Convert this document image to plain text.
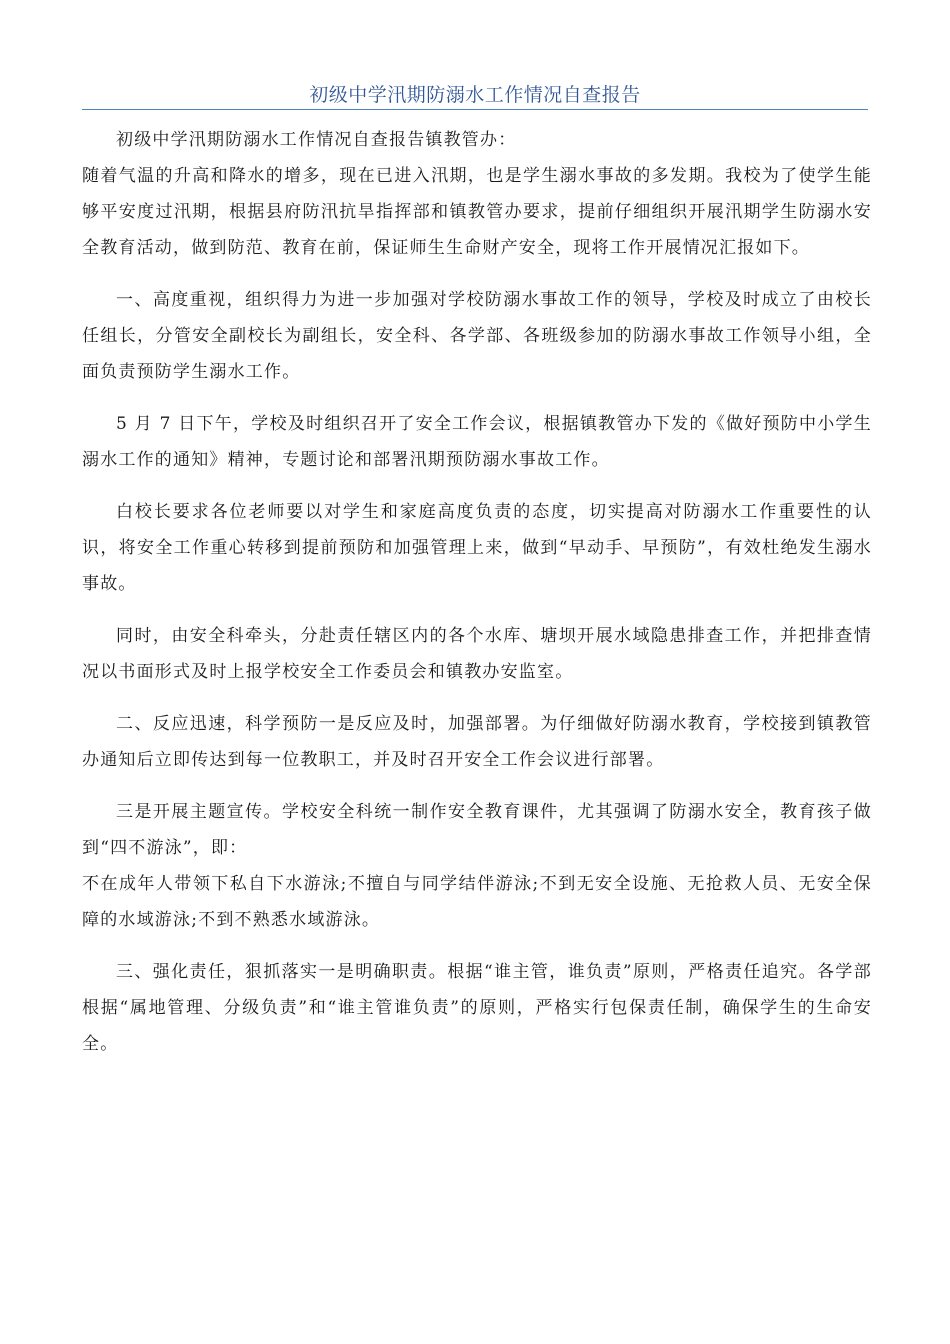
初级中学汛期防溺水工作情况自查报告

初级中学汛期防溺水工作情况自查报告镇教管办：

随着气温的升高和降水的增多，现在已进入汛期，也是学生溺水事故的多发期。我校为了使学生能够平安度过汛期，根据县府防汛抗旱指挥部和镇教管办要求，提前仔细组织开展汛期学生防溺水安全教育活动，做到防范、教育在前，保证师生生命财产安全，现将工作开展情况汇报如下。

一、高度重视，组织得力为进一步加强对学校防溺水事故工作的领导，学校及时成立了由校长任组长，分管安全副校长为副组长，安全科、各学部、各班级参加的防溺水事故工作领导小组，全面负责预防学生溺水工作。

5 月 7 日下午，学校及时组织召开了安全工作会议，根据镇教管办下发的《做好预防中小学生溺水工作的通知》精神，专题讨论和部署汛期预防溺水事故工作。

白校长要求各位老师要以对学生和家庭高度负责的态度，切实提高对防溺水工作重要性的认识，将安全工作重心转移到提前预防和加强管理上来，做到“早动手、早预防”，有效杜绝发生溺水事故。

同时，由安全科牵头，分赴责任辖区内的各个水库、塘坝开展水域隐患排查工作，并把排查情况以书面形式及时上报学校安全工作委员会和镇教办安监室。

二、反应迅速，科学预防一是反应及时，加强部署。为仔细做好防溺水教育，学校接到镇教管办通知后立即传达到每一位教职工，并及时召开安全工作会议进行部署。

三是开展主题宣传。学校安全科统一制作安全教育课件，尤其强调了防溺水安全，教育孩子做到“四不游泳”，即：

不在成年人带领下私自下水游泳;不擅自与同学结伴游泳;不到无安全设施、无抢救人员、无安全保障的水域游泳;不到不熟悉水域游泳。

三、强化责任，狠抓落实一是明确职责。根据“谁主管，谁负责”原则，严格责任追究。各学部根据“属地管理、分级负责”和“谁主管谁负责”的原则，严格实行包保责任制，确保学生的生命安全。
